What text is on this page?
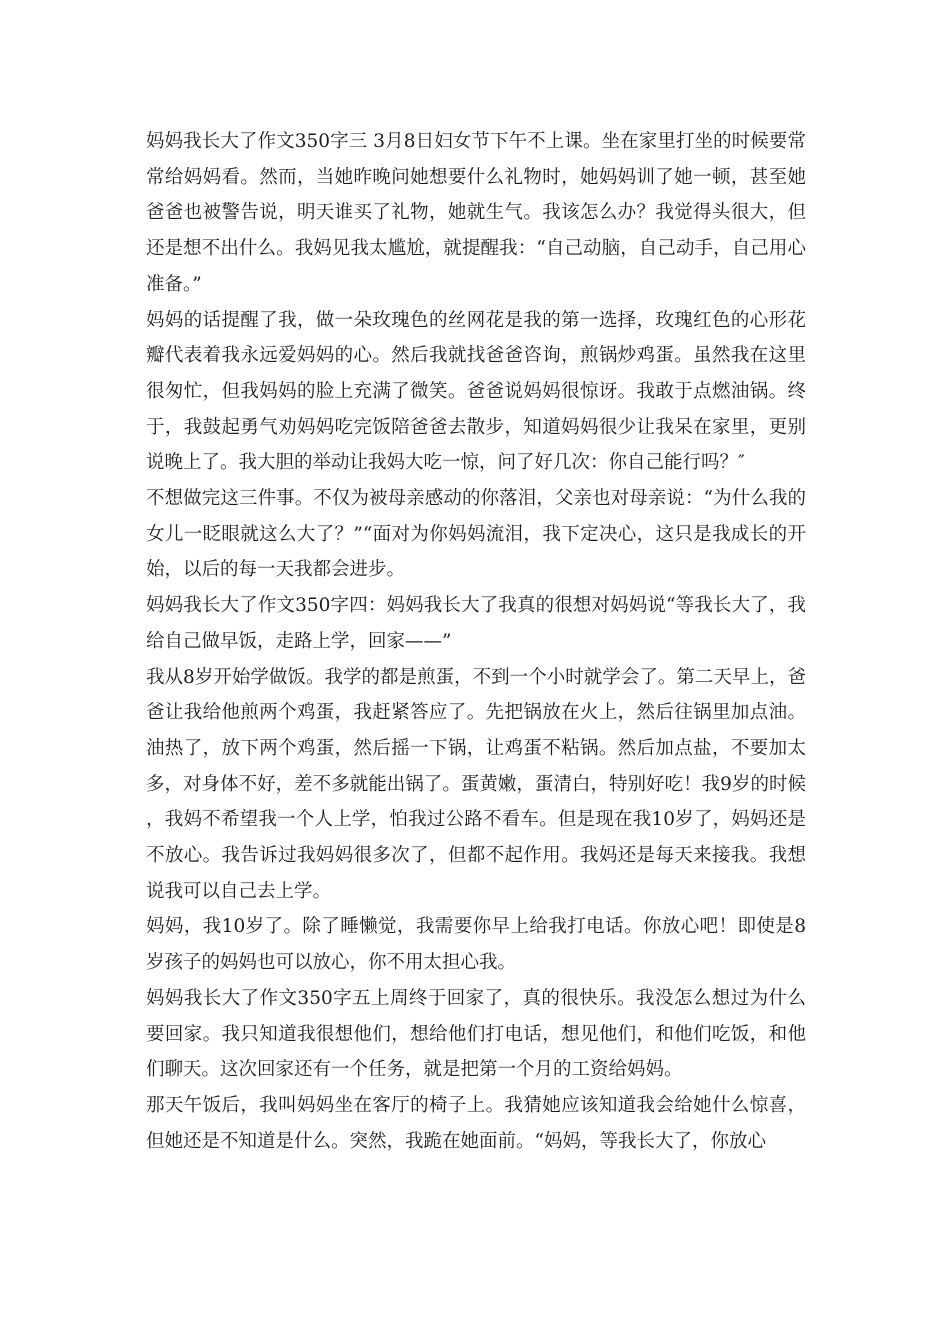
妈妈我长大了作文350字三 3月8日妇女节下午不上课。坐在家里打坐的时候要常常给妈妈看。然而，当她昨晚问她想要什么礼物时，她妈妈训了她一顿，甚至她爸爸也被警告说，明天谁买了礼物，她就生气。我该怎么办？我觉得头很大，但还是想不出什么。我妈见我太尴尬，就提醒我：“自己动脑，自己动手，自己用心准备。”

妈妈的话提醒了我，做一朵玫瑰色的丝网花是我的第一选择，玫瑰红色的心形花瓣代表着我永远爱妈妈的心。然后我就找爸爸咨询，煎锅炒鸡蛋。虽然我在这里很匆忙，但我妈妈的脸上充满了微笑。爸爸说妈妈很惊讶。我敢于点燃油锅。终于，我鼓起勇气劝妈妈吃完饭陪爸爸去散步，知道妈妈很少让我呆在家里，更别说晚上了。我大胆的举动让我妈大吃一惊，问了好几次：你自己能行吗？″

不想做完这三件事。不仅为被母亲感动的你落泪，父亲也对母亲说：“为什么我的女儿一眨眼就这么大了？”“面对为你妈妈流泪，我下定决心，这只是我成长的开始，以后的每一天我都会进步。

妈妈我长大了作文350字四：妈妈我长大了我真的很想对妈妈说“等我长大了，我给自己做早饭，走路上学，回家——”

我从8岁开始学做饭。我学的都是煎蛋，不到一个小时就学会了。第二天早上，爸爸让我给他煎两个鸡蛋，我赶紧答应了。先把锅放在火上，然后往锅里加点油。油热了，放下两个鸡蛋，然后摇一下锅，让鸡蛋不粘锅。然后加点盐，不要加太多，对身体不好，差不多就能出锅了。蛋黄嫩，蛋清白，特别好吃！我9岁的时候，我妈不希望我一个人上学，怕我过公路不看车。但是现在我10岁了，妈妈还是不放心。我告诉过我妈妈很多次了，但都不起作用。我妈还是每天来接我。我想说我可以自己去上学。

妈妈，我10岁了。除了睡懒觉，我需要你早上给我打电话。你放心吧！即使是8岁孩子的妈妈也可以放心，你不用太担心我。

妈妈我长大了作文350字五上周终于回家了，真的很快乐。我没怎么想过为什么要回家。我只知道我很想他们，想给他们打电话，想见他们，和他们吃饭，和他们聊天。这次回家还有一个任务，就是把第一个月的工资给妈妈。

那天午饭后，我叫妈妈坐在客厅的椅子上。我猜她应该知道我会给她什么惊喜，但她还是不知道是什么。突然，我跪在她面前。“妈妈，等我长大了，你放心
